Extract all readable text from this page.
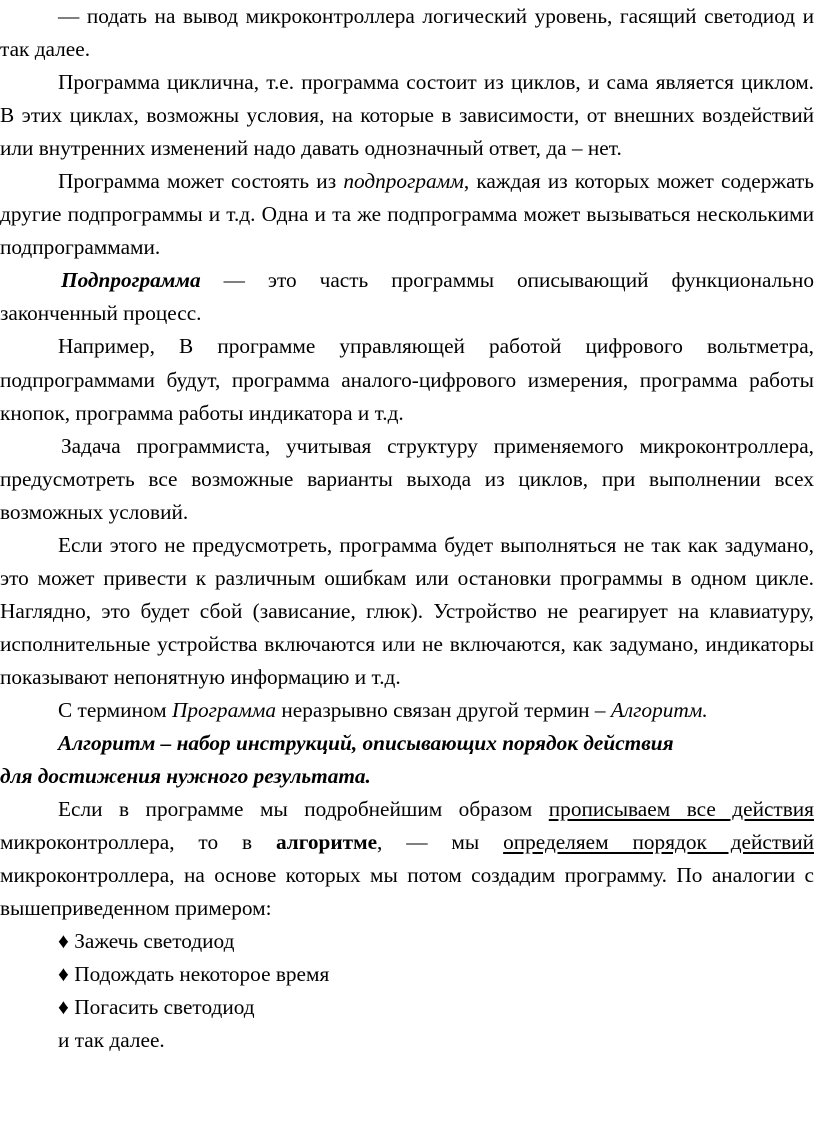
— подать на вывод микроконтроллера логический уровень, гасящий светодиод и так далее.

Программа циклична, т.е. программа состоит из циклов, и сама является циклом. В этих циклах, возможны условия, на которые в зависимости, от внешних воздействий или внутренних изменений надо давать однозначный ответ, да – нет.

Программа может состоять из подпрограмм, каждая из которых может содержать другие подпрограммы и т.д. Одна и та же подпрограмма может вызываться несколькими подпрограммами.

Подпрограмма — это часть программы описывающий функционально законченный процесс.

Например, В программе управляющей работой цифрового вольтметра, подпрограммами будут, программа аналого-цифрового измерения, программа работы кнопок, программа работы индикатора и т.д.

Задача программиста, учитывая структуру применяемого микроконтроллера, предусмотреть все возможные варианты выхода из циклов, при выполнении всех возможных условий.

Если этого не предусмотреть, программа будет выполняться не так как задумано, это может привести к различным ошибкам или остановки программы в одном цикле. Наглядно, это будет сбой (зависание, глюк). Устройство не реагирует на клавиатуру, исполнительные устройства включаются или не включаются, как задумано, индикаторы показывают непонятную информацию и т.д.

С термином Программа неразрывно связан другой термин – Алгоритм.

Алгоритм – набор инструкций, описывающих порядок действия

для достижения нужного результата.

Если в программе мы подробнейшим образом прописываем все действия микроконтроллера, то в алгоритме, — мы определяем порядок действий микроконтроллера, на основе которых мы потом создадим программу. По аналогии с вышеприведенном примером:

♦ Зажечь светодиод

♦ Подождать некоторое время

♦ Погасить светодиод

и так далее.
